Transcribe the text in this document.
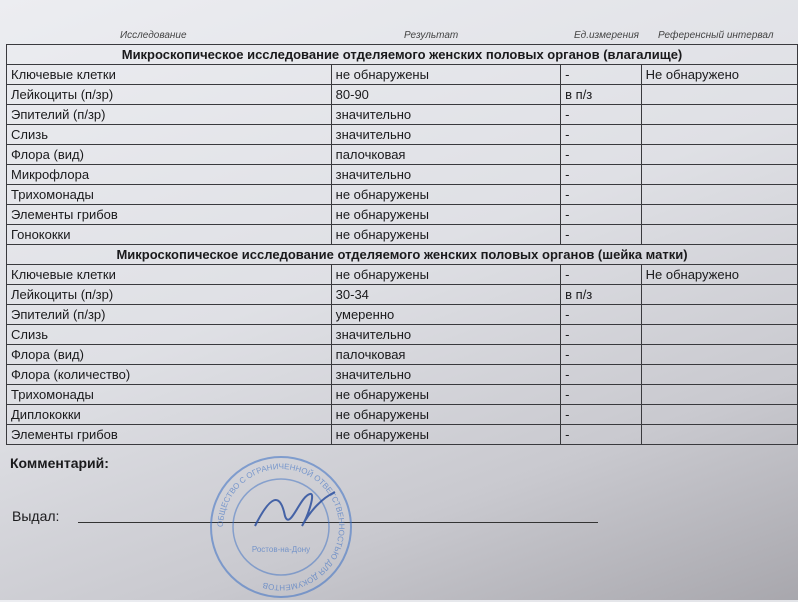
Исследование	Результат	Ед.измерения Референсный интервал
Микроскопическое исследование отделяемого женских половых органов (влагалище)			
Ключевые клетки	не обнаружены	-	Не обнаружено
Лейкоциты (п/зр)	80-90	в п/з	
Эпителий (п/зр)	значительно	-	
Слизь	значительно	-	
Флора (вид)	палочковая	-	
Микрофлора	значительно	-	
Трихомонады	не обнаружены	-	
Элементы грибов	не обнаружены	-	
Гонококки	не обнаружены	-	
Микроскопическое исследование отделяемого женских половых органов (шейка матки)			
Ключевые клетки	не обнаружены	-	Не обнаружено
Лейкоциты (п/зр)	30-34	в п/з	
Эпителий (п/зр)	умеренно	-	
Слизь	значительно	-	
Флора (вид)	палочковая	-	
Флора (количество)	значительно	-	
Трихомонады	не обнаружены	-	
Диплококки	не обнаружены	-	
Элементы грибов	не обнаружены	-	
Комментарий:
Выдал:	ОБЩЕСТВО С ОГРАНИЧЕННОЙ ОТВЕТСТВЕННОСТЬЮ ДЛЯ ДОКУМЕНТОВ
Ростов-на-Дону
